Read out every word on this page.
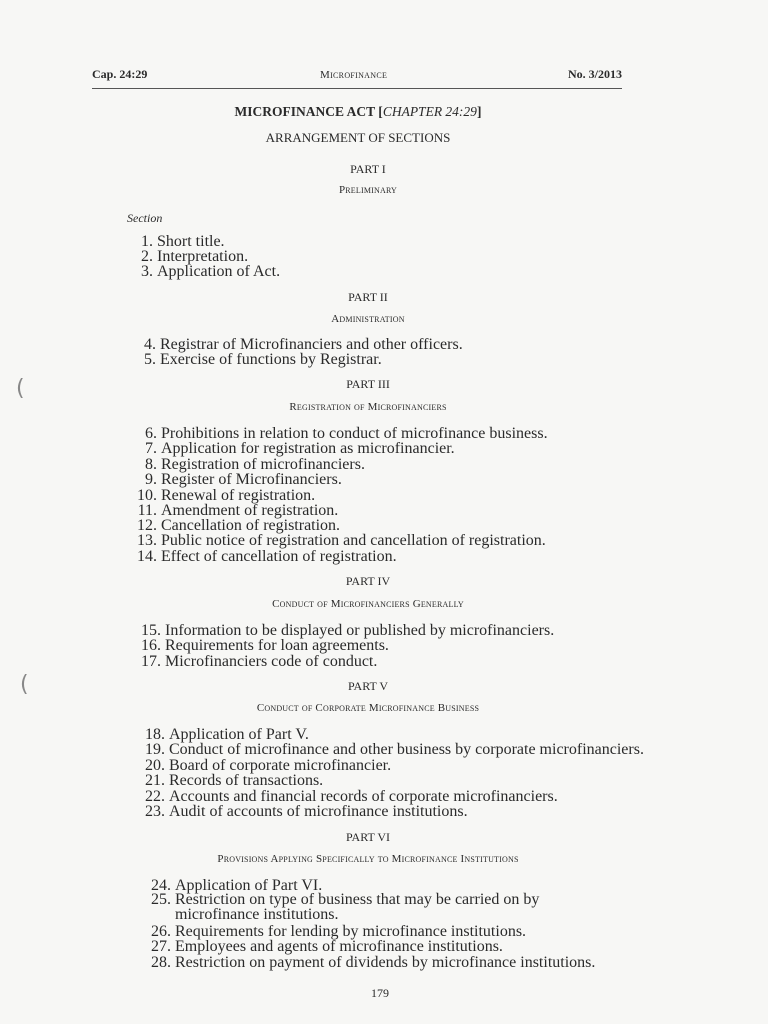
Cap. 24:29	Microfinance	No. 3/2013
MICROFINANCE ACT [CHAPTER 24:29]
ARRANGEMENT OF SECTIONS
PART I
Preliminary
Section
1. Short title.
2. Interpretation.
3. Application of Act.
PART II
Administration
4. Registrar of Microfinanciers and other officers.
5. Exercise of functions by Registrar.
PART III
Registration of Microfinanciers
6. Prohibitions in relation to conduct of microfinance business.
7. Application for registration as microfinancier.
8. Registration of microfinanciers.
9. Register of Microfinanciers.
10. Renewal of registration.
11. Amendment of registration.
12. Cancellation of registration.
13. Public notice of registration and cancellation of registration.
14. Effect of cancellation of registration.
PART IV
Conduct of Microfinanciers Generally
15. Information to be displayed or published by microfinanciers.
16. Requirements for loan agreements.
17. Microfinanciers code of conduct.
PART V
Conduct of Corporate Microfinance Business
18. Application of Part V.
19. Conduct of microfinance and other business by corporate microfinanciers.
20. Board of corporate microfinancier.
21. Records of transactions.
22. Accounts and financial records of corporate microfinanciers.
23. Audit of accounts of microfinance institutions.
PART VI
Provisions Applying Specifically to Microfinance Institutions
24. Application of Part VI.
25. Restriction on type of business that may be carried on by microfinance institutions.
26. Requirements for lending by microfinance institutions.
27. Employees and agents of microfinance institutions.
28. Restriction on payment of dividends by microfinance institutions.
179
(
(
